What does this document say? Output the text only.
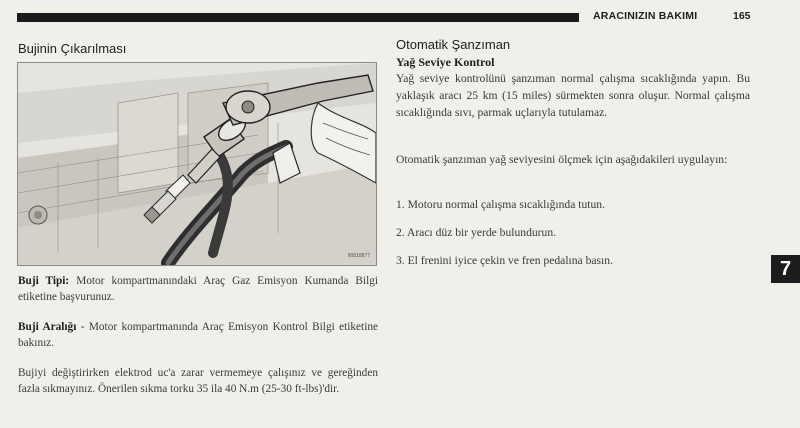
ARACINIZIN BAKIMI	165
Bujinin Çıkarılması
80818877
Buji Tipi: Motor kompartmanındaki Araç Gaz Emisyon Kumanda Bilgi etiketine başvurunuz.
Buji Aralığı - Motor kompartmanında Araç Emisyon Kontrol Bilgi etiketine bakınız.
Bujiyi değiştirirken elektrod uc'a zarar vermemeye çalışınız ve gereğinden fazla sıkmayınız. Önerilen sıkma torku 35 ila 40 N.m (25-30 ft-lbs)'dir.
Otomatik Şanzıman
Yağ Seviye Kontrol
Yağ seviye kontrolünü şanzıman normal çalışma sıcaklığında yapın. Bu yaklaşık aracı 25 km (15 miles) sürmekten sonra oluşur. Normal çalışma sıcaklığında sıvı, parmak uçlarıyla tutulamaz.
Otomatik şanzıman yağ seviyesini ölçmek için aşağıdakileri uygulayın:
1. Motoru normal çalışma sıcaklığında tutun.
2. Aracı düz bir yerde bulundurun.
3. El frenini iyice çekin ve fren pedalına basın.	7
